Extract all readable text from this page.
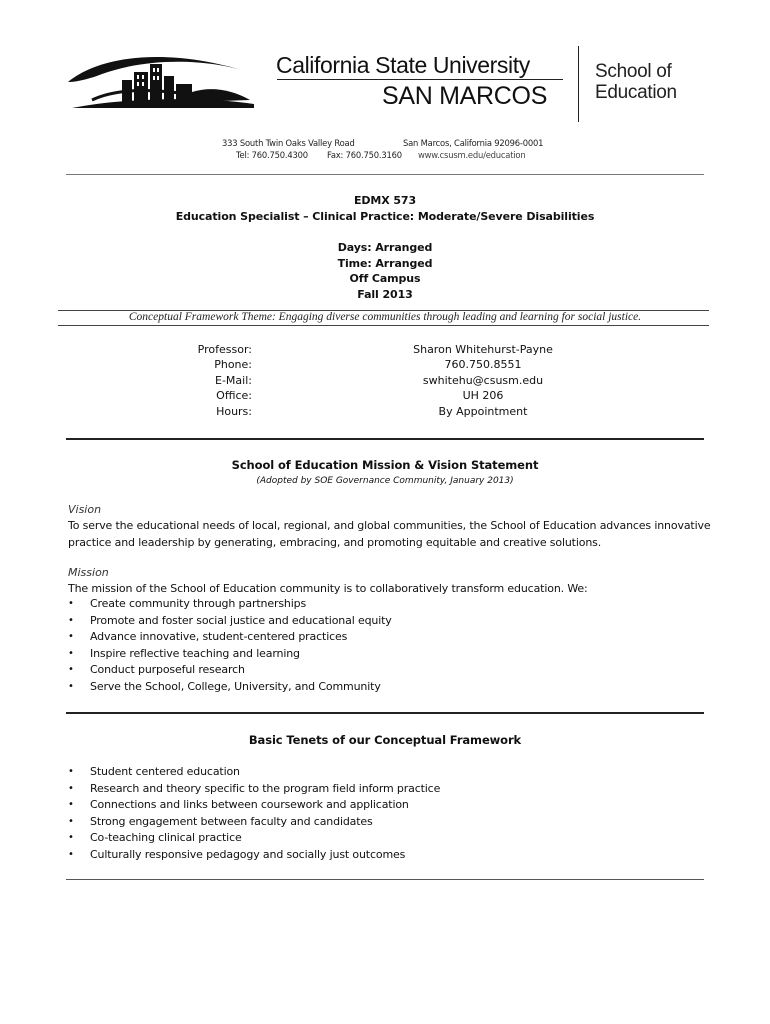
California State University
SAN MARCOS
School of
Education
333 South Twin Oaks Valley Road	San Marcos, California 92096-0001
Tel: 760.750.4300 Fax: 760.750.3160 www.csusm.edu/education
EDMX 573
Education Specialist – Clinical Practice: Moderate/Severe Disabilities
Days: Arranged
Time: Arranged
Off Campus
Fall 2013
Conceptual Framework Theme: Engaging diverse communities through leading and learning for social justice.
Professor:
Phone:
E-Mail:
Office:
Hours:
Sharon Whitehurst-Payne
760.750.8551
swhitehu@csusm.edu
UH 206
By Appointment
School of Education Mission & Vision Statement
(Adopted by SOE Governance Community, January 2013)
Vision
To serve the educational needs of local, regional, and global communities, the School of Education advances innovative
practice and leadership by generating, embracing, and promoting equitable and creative solutions.
Mission
The mission of the School of Education community is to collaboratively transform education. We:
• Create community through partnerships
• Promote and foster social justice and educational equity
• Advance innovative, student-centered practices
• Inspire reflective teaching and learning
• Conduct purposeful research
• Serve the School, College, University, and Community
Basic Tenets of our Conceptual Framework
• Student centered education
• Research and theory specific to the program field inform practice
• Connections and links between coursework and application
• Strong engagement between faculty and candidates
• Co-teaching clinical practice
• Culturally responsive pedagogy and socially just outcomes
